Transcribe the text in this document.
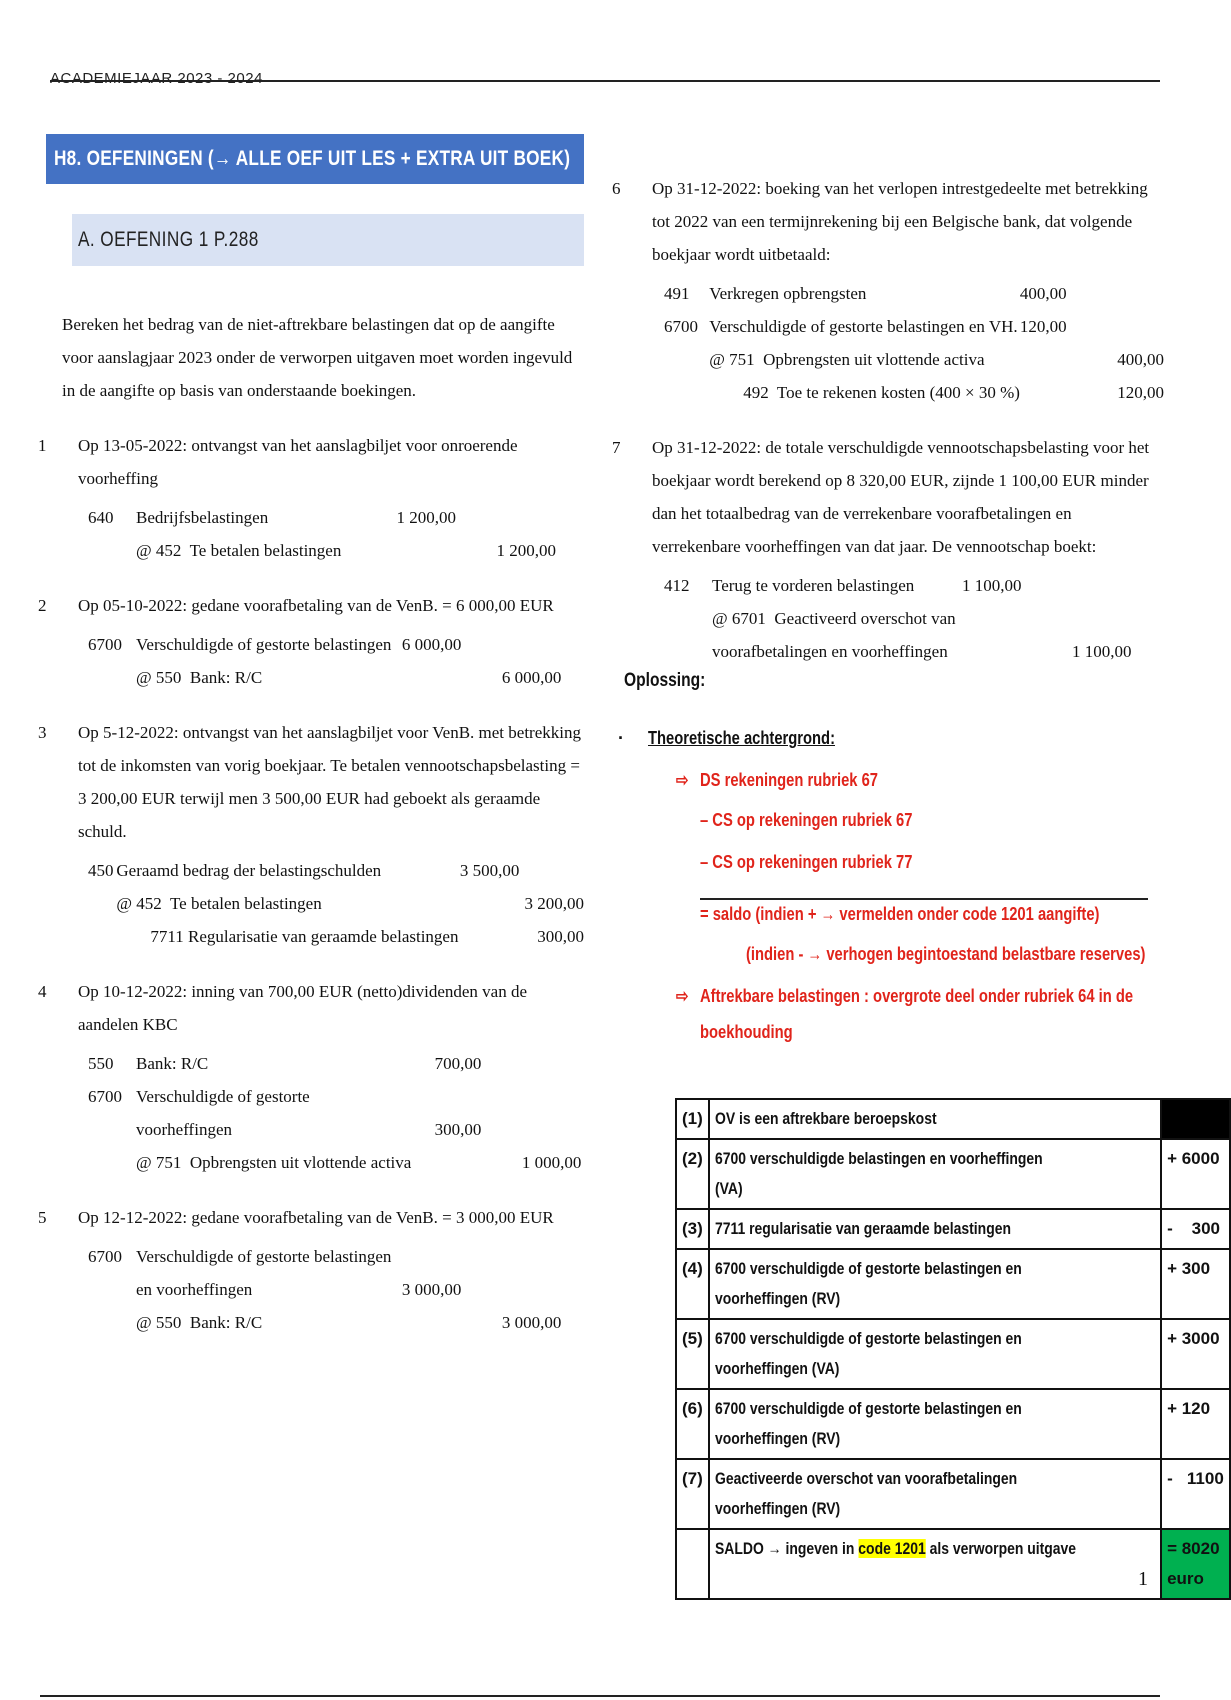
ACADEMIEJAAR 2023 - 2024
H8. OEFENINGEN (→ ALLE OEF UIT LES + EXTRA UIT BOEK)
A. OEFENING 1 P.288
Bereken het bedrag van de niet-aftrekbare belastingen dat op de aangifte voor aanslagjaar 2023 onder de verworpen uitgaven moet worden ingevuld in de aangifte op basis van onderstaande boekingen.
1 Op 13-05-2022: ontvangst van het aanslagbiljet voor onroerende voorheffing
640	Bedrijfsbelastingen	1 200,00	
	@ 452  Te betalen belastingen		1 200,00
2 Op 05-10-2022: gedane voorafbetaling van de VenB. = 6 000,00 EUR
6700	Verschuldigde of gestorte belastingen	6 000,00	
	@ 550  Bank: R/C		6 000,00
3 Op 5-12-2022: ontvangst van het aanslagbiljet voor VenB. met betrekking tot de inkomsten van vorig boekjaar. Te betalen vennootschapsbelasting = 3 200,00 EUR terwijl men 3 500,00 EUR had geboekt als geraamde schuld.
450	Geraamd bedrag der belastingschulden	3 500,00	
	@ 452  Te betalen belastingen		3 200,00
	7711 Regularisatie van geraamde belastingen		300,00
4 Op 10-12-2022: inning van 700,00 EUR (netto)dividenden van de aandelen KBC
550	Bank: R/C	700,00	
6700	Verschuldigde of gestorte		
	voorheffingen	300,00	
	@ 751  Opbrengsten uit vlottende activa		1 000,00
5 Op 12-12-2022: gedane voorafbetaling van de VenB. = 3 000,00 EUR
6700	Verschuldigde of gestorte belastingen		
	en voorheffingen	3 000,00	
	@ 550  Bank: R/C		3 000,00
6 Op 31-12-2022: boeking van het verlopen intrestgedeelte met betrekking tot 2022 van een termijnrekening bij een Belgische bank, dat volgende boekjaar wordt uitbetaald:
491	Verkregen opbrengsten	400,00	
6700	Verschuldigde of gestorte belastingen en VH.	120,00	
	@ 751  Opbrengsten uit vlottende activa		400,00
	492  Toe te rekenen kosten (400 × 30 %)		120,00
7 Op 31-12-2022: de totale verschuldigde vennootschapsbelasting voor het boekjaar wordt berekend op 8 320,00 EUR, zijnde 1 100,00 EUR minder dan het totaalbedrag van de verrekenbare voorafbetalingen en verrekenbare voorheffingen van dat jaar. De vennootschap boekt:
412	Terug te vorderen belastingen	1 100,00	
	@ 6701  Geactiveerd overschot van		
	voorafbetalingen en voorheffingen		1 100,00
Oplossing:
· Theoretische achtergrond:
⇨ DS rekeningen rubriek 67
– CS op rekeningen rubriek 67
– CS op rekeningen rubriek 77
= saldo (indien + → vermelden onder code 1201 aangifte)
(indien - → verhogen begintoestand belastbare reserves)
⇨ Aftrekbare belastingen : overgrote deel onder rubriek 64 in de
boekhouding
(1)	OV is een aftrekbare beroepskost	

(2)	6700 verschuldigde belastingen en voorheffingen (VA)	+ 6000
(3)	7711 regularisatie van geraamde belastingen	-    300
(4)	6700 verschuldigde of gestorte belastingen en voorheffingen (RV)	+ 300
(5)	6700 verschuldigde of gestorte belastingen en voorheffingen (VA)	+ 3000
(6)	6700 verschuldigde of gestorte belastingen en voorheffingen (RV)	+ 120
(7)	Geactiveerde overschot van voorafbetalingen voorheffingen (RV)	-   1100
	SALDO → ingeven in code 1201 als verworpen uitgave	= 8020 euro
1
